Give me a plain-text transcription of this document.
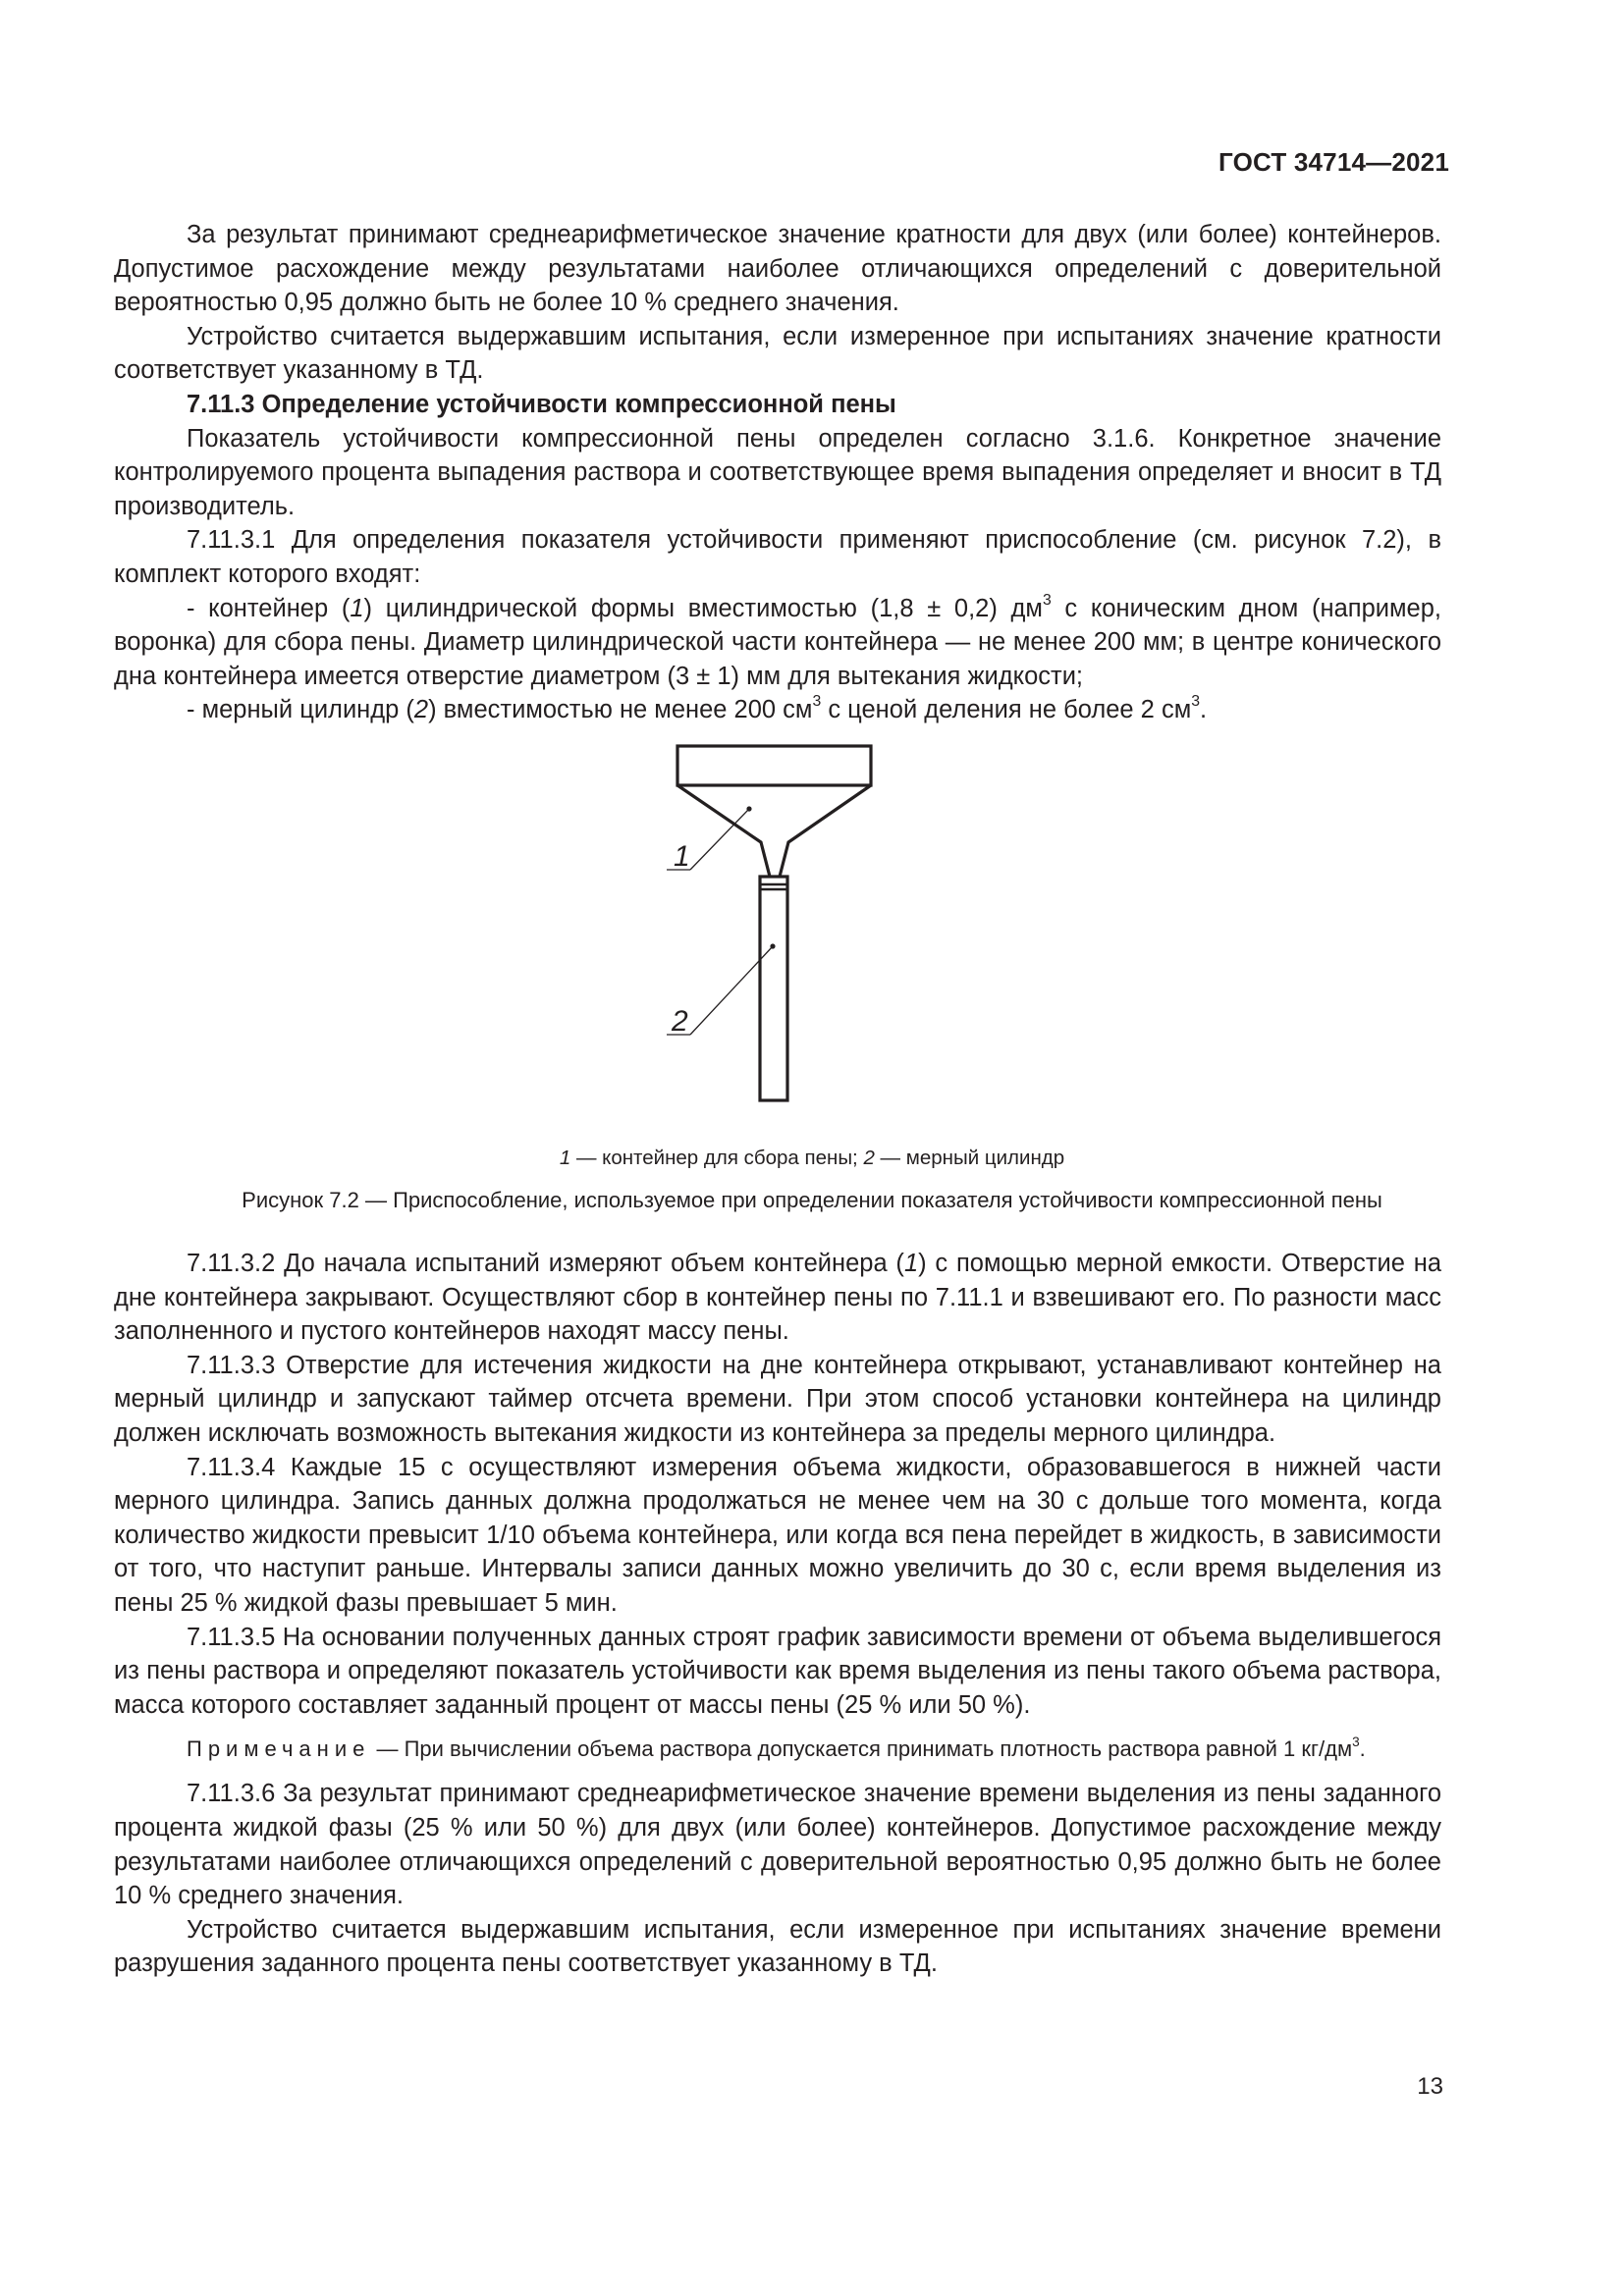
ГОСТ 34714—2021

За результат принимают среднеарифметическое значение кратности для двух (или более) контейнеров. Допустимое расхождение между результатами наиболее отличающихся определений с доверительной вероятностью 0,95 должно быть не более 10 % среднего значения.

Устройство считается выдержавшим испытания, если измеренное при испытаниях значение кратности соответствует указанному в ТД.

7.11.3 Определение устойчивости компрессионной пены

Показатель устойчивости компрессионной пены определен согласно 3.1.6. Конкретное значение контролируемого процента выпадения раствора и соответствующее время выпадения определяет и вносит в ТД производитель.

7.11.3.1 Для определения показателя устойчивости применяют приспособление (см. рисунок 7.2), в комплект которого входят:

- контейнер (1) цилиндрической формы вместимостью (1,8 ± 0,2) $дм^3$ с коническим дном (например, воронка) для сбора пены. Диаметр цилиндрической части контейнера — не менее 200 мм; в центре конического дна контейнера имеется отверстие диаметром (3 ± 1) мм для вытекания жидкости;

- мерный цилиндр (2) вместимостью не менее 200 $см^3$ с ценой деления не более 2 $см^3$.

1
2
1 — контейнер для сбора пены; 2 — мерный цилиндр
Рисунок 7.2 — Приспособление, используемое при определении показателя устойчивости компрессионной пены

7.11.3.2 До начала испытаний измеряют объем контейнера (1) с помощью мерной емкости. Отверстие на дне контейнера закрывают. Осуществляют сбор в контейнер пены по 7.11.1 и взвешивают его. По разности масс заполненного и пустого контейнеров находят массу пены.

7.11.3.3 Отверстие для истечения жидкости на дне контейнера открывают, устанавливают контейнер на мерный цилиндр и запускают таймер отсчета времени. При этом способ установки контейнера на цилиндр должен исключать возможность вытекания жидкости из контейнера за пределы мерного цилиндра.

7.11.3.4 Каждые 15 с осуществляют измерения объема жидкости, образовавшегося в нижней части мерного цилиндра. Запись данных должна продолжаться не менее чем на 30 с дольше того момента, когда количество жидкости превысит 1/10 объема контейнера, или когда вся пена перейдет в жидкость, в зависимости от того, что наступит раньше. Интервалы записи данных можно увеличить до 30 с, если время выделения из пены 25 % жидкой фазы превышает 5 мин.

7.11.3.5 На основании полученных данных строят график зависимости времени от объема выделившегося из пены раствора и определяют показатель устойчивости как время выделения из пены такого объема раствора, масса которого составляет заданный процент от массы пены (25 % или 50 %).

Примечание — При вычислении объема раствора допускается принимать плотность раствора равной 1 $кг/дм^3$.

7.11.3.6 За результат принимают среднеарифметическое значение времени выделения из пены заданного процента жидкой фазы (25 % или 50 %) для двух (или более) контейнеров. Допустимое расхождение между результатами наиболее отличающихся определений с доверительной вероятностью 0,95 должно быть не более 10 % среднего значения.

Устройство считается выдержавшим испытания, если измеренное при испытаниях значение времени разрушения заданного процента пены соответствует указанному в ТД.

13
